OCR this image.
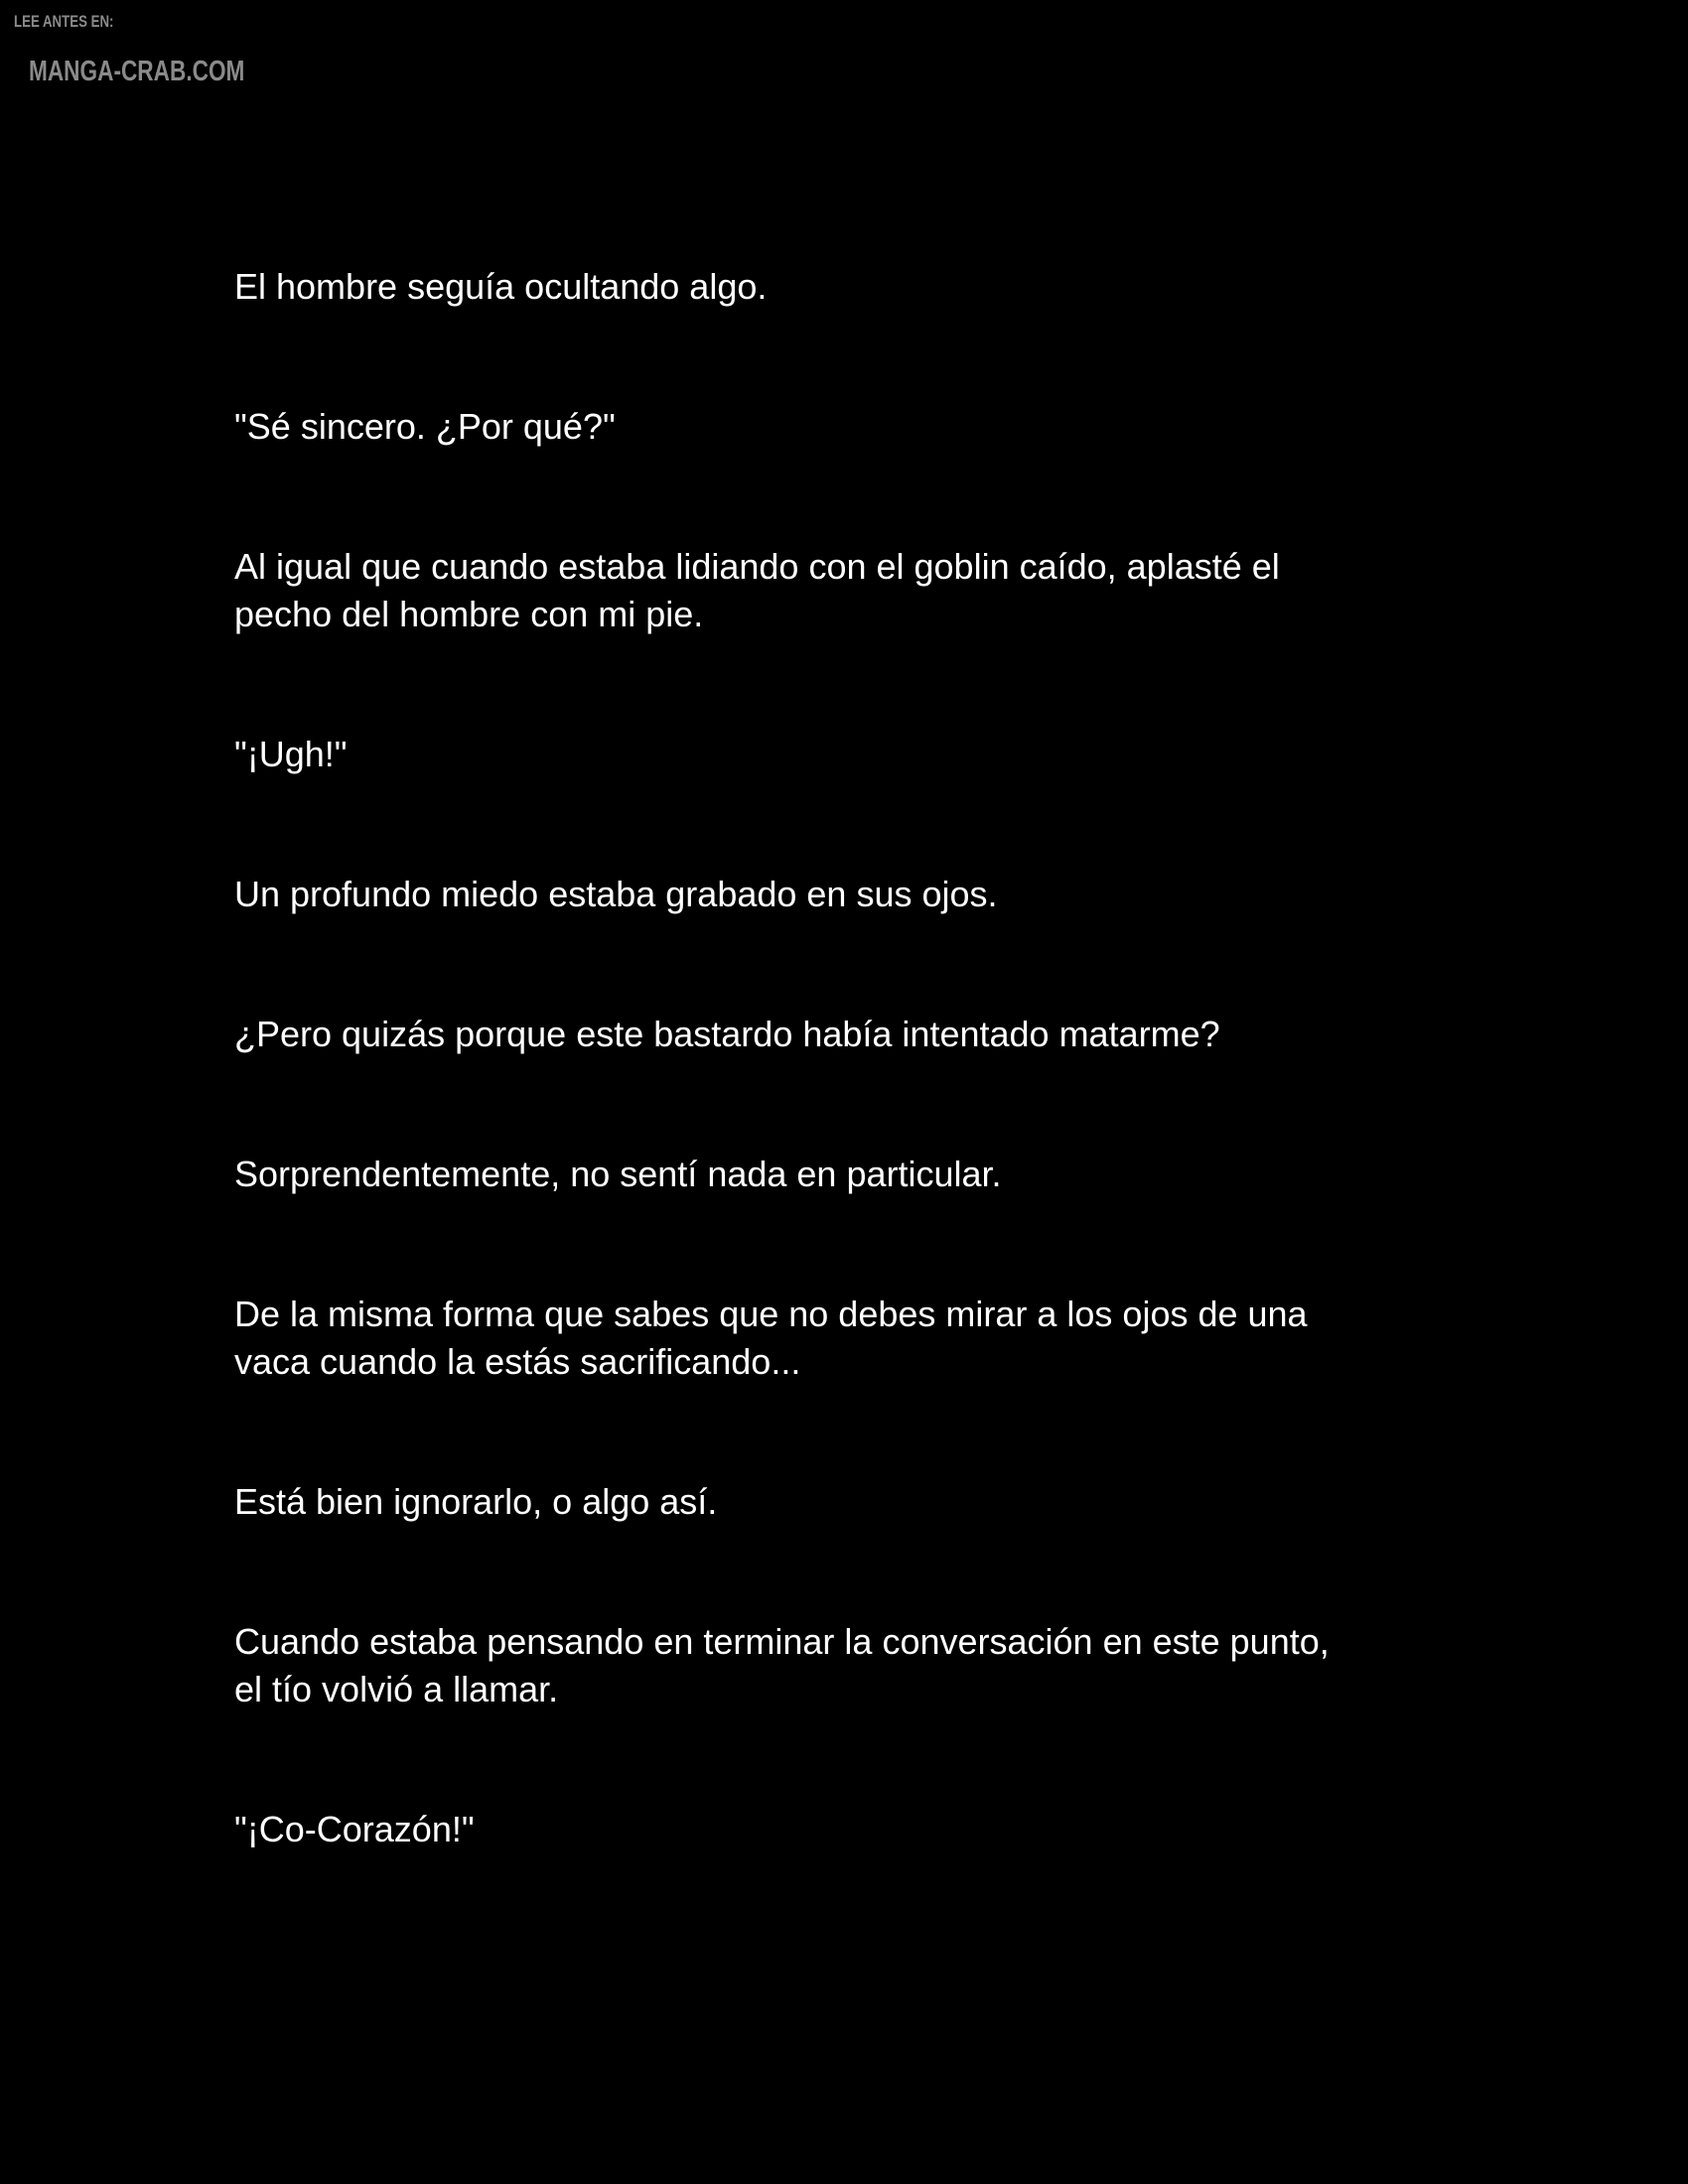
LEE ANTES EN:
MANGA-CRAB.COM

El hombre seguía ocultando algo.

"Sé sincero. ¿Por qué?"

Al igual que cuando estaba lidiando con el goblin caído, aplasté el
pecho del hombre con mi pie.

"¡Ugh!"

Un profundo miedo estaba grabado en sus ojos.

¿Pero quizás porque este bastardo había intentado matarme?

Sorprendentemente, no sentí nada en particular.

De la misma forma que sabes que no debes mirar a los ojos de una
vaca cuando la estás sacrificando...

Está bien ignorarlo, o algo así.

Cuando estaba pensando en terminar la conversación en este punto,
el tío volvió a llamar.

"¡Co-Corazón!"
